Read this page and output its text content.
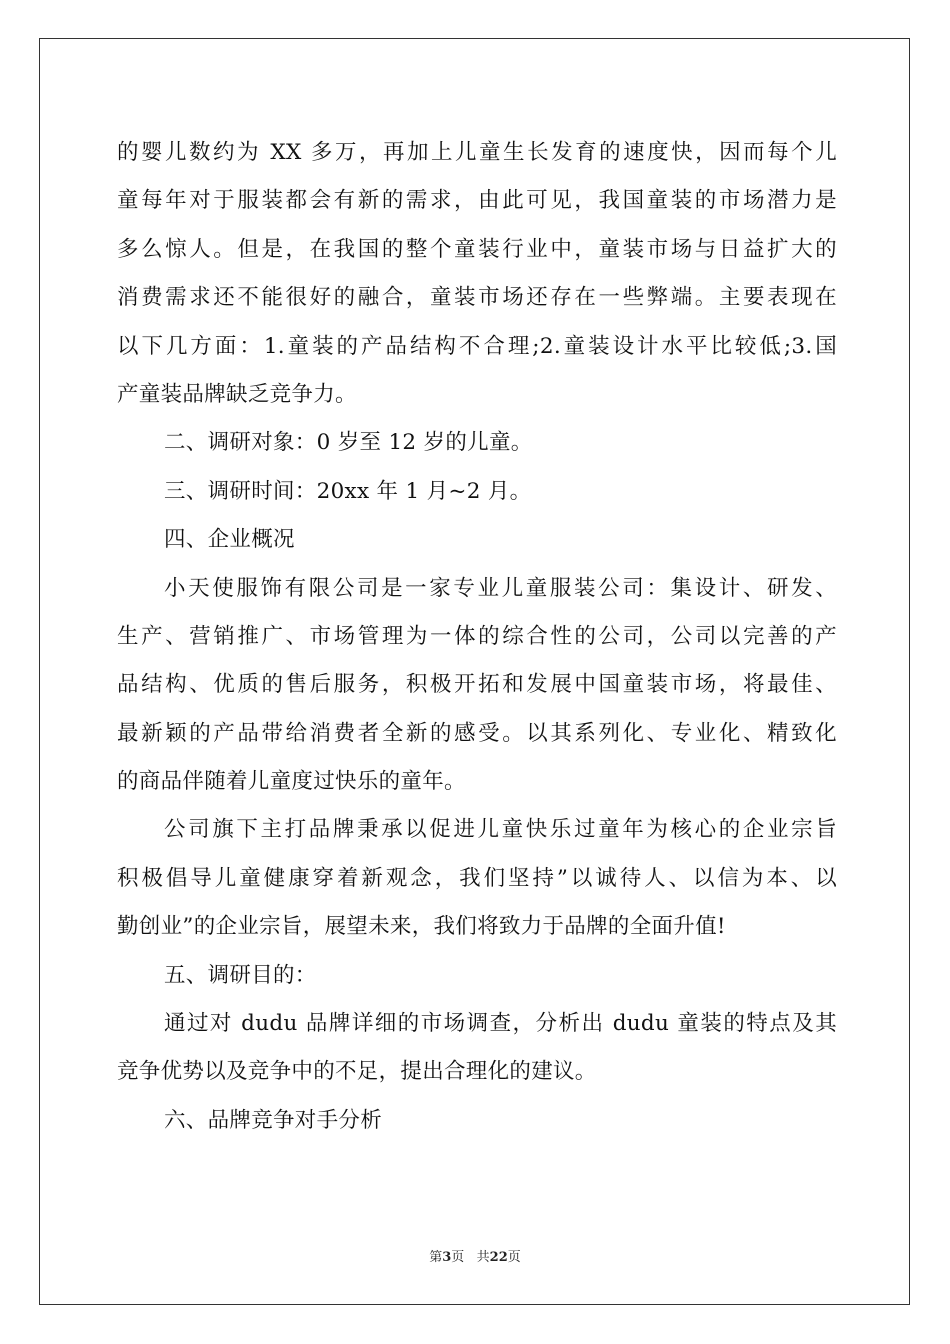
的婴儿数约为 XX 多万，再加上儿童生长发育的速度快，因而每个儿
童每年对于服装都会有新的需求，由此可见，我国童装的市场潜力是
多么惊人。但是，在我国的整个童装行业中，童装市场与日益扩大的
消费需求还不能很好的融合，童装市场还存在一些弊端。主要表现在
以下几方面：1.童装的产品结构不合理;2.童装设计水平比较低;3.国
产童装品牌缺乏竞争力。
二、调研对象：0 岁至 12 岁的儿童。
三、调研时间：20xx 年 1 月~2 月。
四、企业概况
小天使服饰有限公司是一家专业儿童服装公司：集设计、研发、
生产、营销推广、市场管理为一体的综合性的公司，公司以完善的产
品结构、优质的售后服务，积极开拓和发展中国童装市场，将最佳、
最新颖的产品带给消费者全新的感受。以其系列化、专业化、精致化
的商品伴随着儿童度过快乐的童年。
公司旗下主打品牌秉承以促进儿童快乐过童年为核心的企业宗旨
积极倡导儿童健康穿着新观念，我们坚持”以诚待人、以信为本、以
勤创业”的企业宗旨，展望未来，我们将致力于品牌的全面升值!
五、调研目的：
通过对 dudu 品牌详细的市场调查，分析出 dudu 童装的特点及其
竞争优势以及竞争中的不足，提出合理化的建议。
六、品牌竞争对手分析
第3页   共22页
